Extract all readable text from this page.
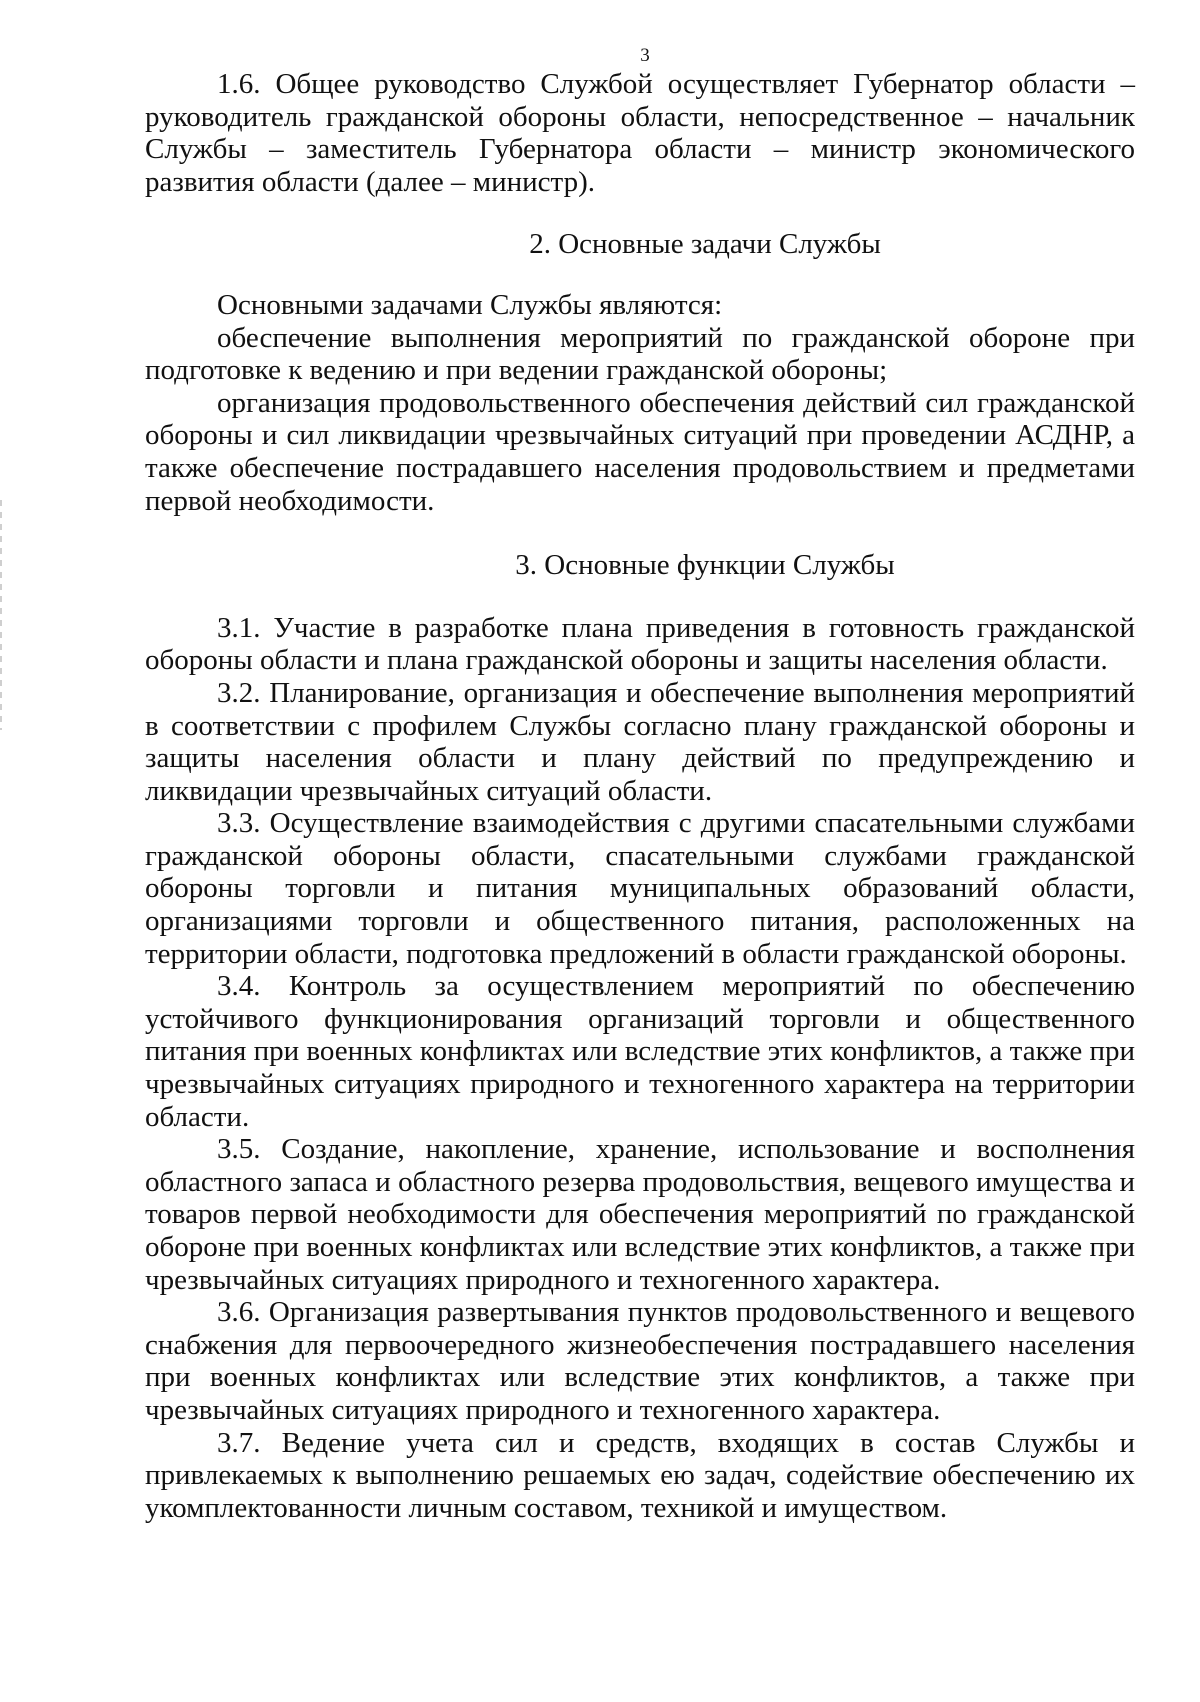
3

1.6. Общее руководство Службой осуществляет Губернатор области – руководитель гражданской обороны области, непосредственное – начальник Службы – заместитель Губернатора области – министр экономического развития области (далее – министр).

2. Основные задачи Службы

Основными задачами Службы являются:

обеспечение выполнения мероприятий по гражданской обороне при подготовке к ведению и при ведении гражданской обороны;

организация продовольственного обеспечения действий сил гражданской обороны и сил ликвидации чрезвычайных ситуаций при проведении АСДНР, а также обеспечение пострадавшего населения продовольствием и предметами первой необходимости.

3. Основные функции Службы

3.1. Участие в разработке плана приведения в готовность гражданской обороны области и плана гражданской обороны и защиты населения области.

3.2. Планирование, организация и обеспечение выполнения мероприятий в соответствии с профилем Службы согласно плану гражданской обороны и защиты населения области и плану действий по предупреждению и ликвидации чрезвычайных ситуаций области.

3.3. Осуществление взаимодействия с другими спасательными службами гражданской обороны области, спасательными службами гражданской обороны торговли и питания муниципальных образований области, организациями торговли и общественного питания, расположенных на территории области, подготовка предложений в области гражданской обороны.

3.4. Контроль за осуществлением мероприятий по обеспечению устойчивого функционирования организаций торговли и общественного питания при военных конфликтах или вследствие этих конфликтов, а также при чрезвычайных ситуациях природного и техногенного характера на территории области.

3.5. Создание, накопление, хранение, использование и восполнения областного запаса и областного резерва продовольствия, вещевого имущества и товаров первой необходимости для обеспечения мероприятий по гражданской обороне при военных конфликтах или вследствие этих конфликтов, а также при чрезвычайных ситуациях природного и техногенного характера.

3.6. Организация развертывания пунктов продовольственного и вещевого снабжения для первоочередного жизнеобеспечения пострадавшего населения при военных конфликтах или вследствие этих конфликтов, а также при чрезвычайных ситуациях природного и техногенного характера.

3.7. Ведение учета сил и средств, входящих в состав Службы и привлекаемых к выполнению решаемых ею задач, содействие обеспечению их укомплектованности личным составом, техникой и имуществом.
